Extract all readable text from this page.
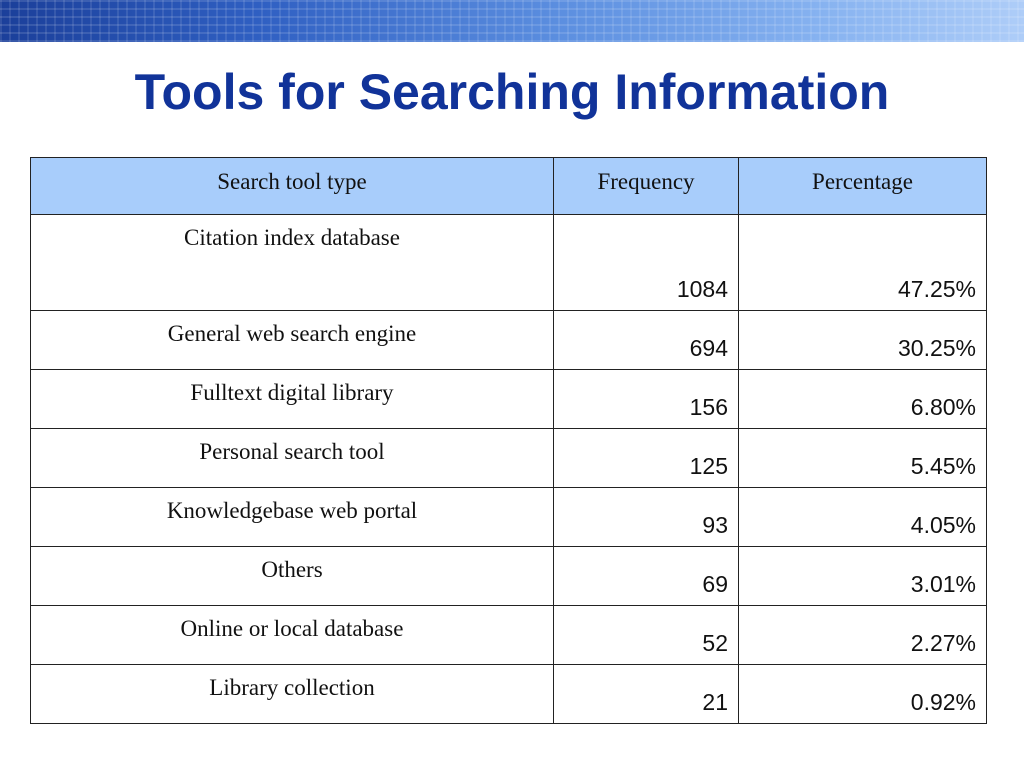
Tools for Searching Information
Search tool type	Frequency	Percentage
Citation index database	1084	47.25%
General web search engine	694	30.25%
Fulltext digital library	156	6.80%
Personal search tool	125	5.45%
Knowledgebase web portal	93	4.05%
Others	69	3.01%
Online or local database	52	2.27%
Library collection	21	0.92%
